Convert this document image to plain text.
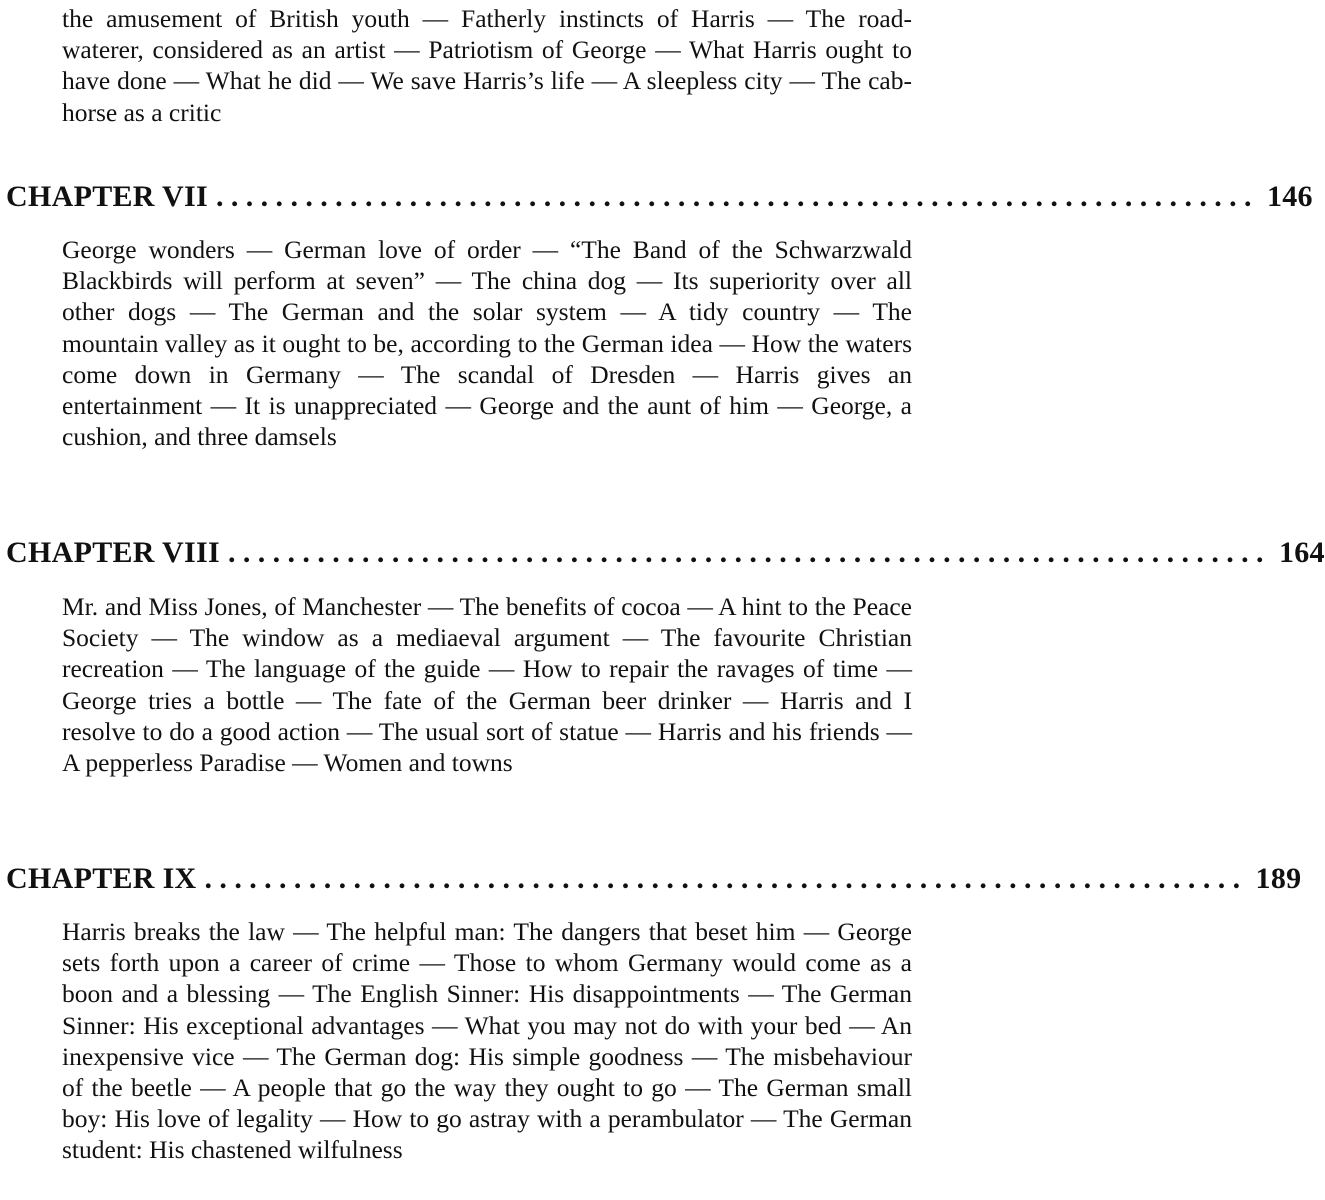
the amusement of British youth — Fatherly instincts of Harris — The road-waterer, considered as an artist — Patriotism of George — What Harris ought to have done — What he did — We save Harris’s life — A sleepless city — The cab-horse as a critic

CHAPTER VII ...................................................................... 146

George wonders — German love of order — “The Band of the Schwarzwald Blackbirds will perform at seven” — The china dog — Its superiority over all other dogs — The German and the solar system — A tidy country — The mountain valley as it ought to be, according to the German idea — How the waters come down in Germany — The scandal of Dresden — Harris gives an entertainment — It is unappreciated — George and the aunt of him — George, a cushion, and three damsels

CHAPTER VIII ...................................................................... 164

Mr. and Miss Jones, of Manchester — The benefits of cocoa — A hint to the Peace Society — The window as a mediaeval argument — The favourite Christian recreation — The language of the guide — How to repair the ravages of time — George tries a bottle — The fate of the German beer drinker — Harris and I resolve to do a good action — The usual sort of statue — Harris and his friends — A pepperless Paradise — Women and towns

CHAPTER IX ...................................................................... 189

Harris breaks the law — The helpful man: The dangers that beset him — George sets forth upon a career of crime — Those to whom Germany would come as a boon and a blessing — The English Sinner: His disappointments — The German Sinner: His exceptional advantages — What you may not do with your bed — An inexpensive vice — The German dog: His simple goodness — The misbehaviour of the beetle — A people that go the way they ought to go — The German small boy: His love of legality — How to go astray with a perambulator — The German student: His chastened wilfulness
